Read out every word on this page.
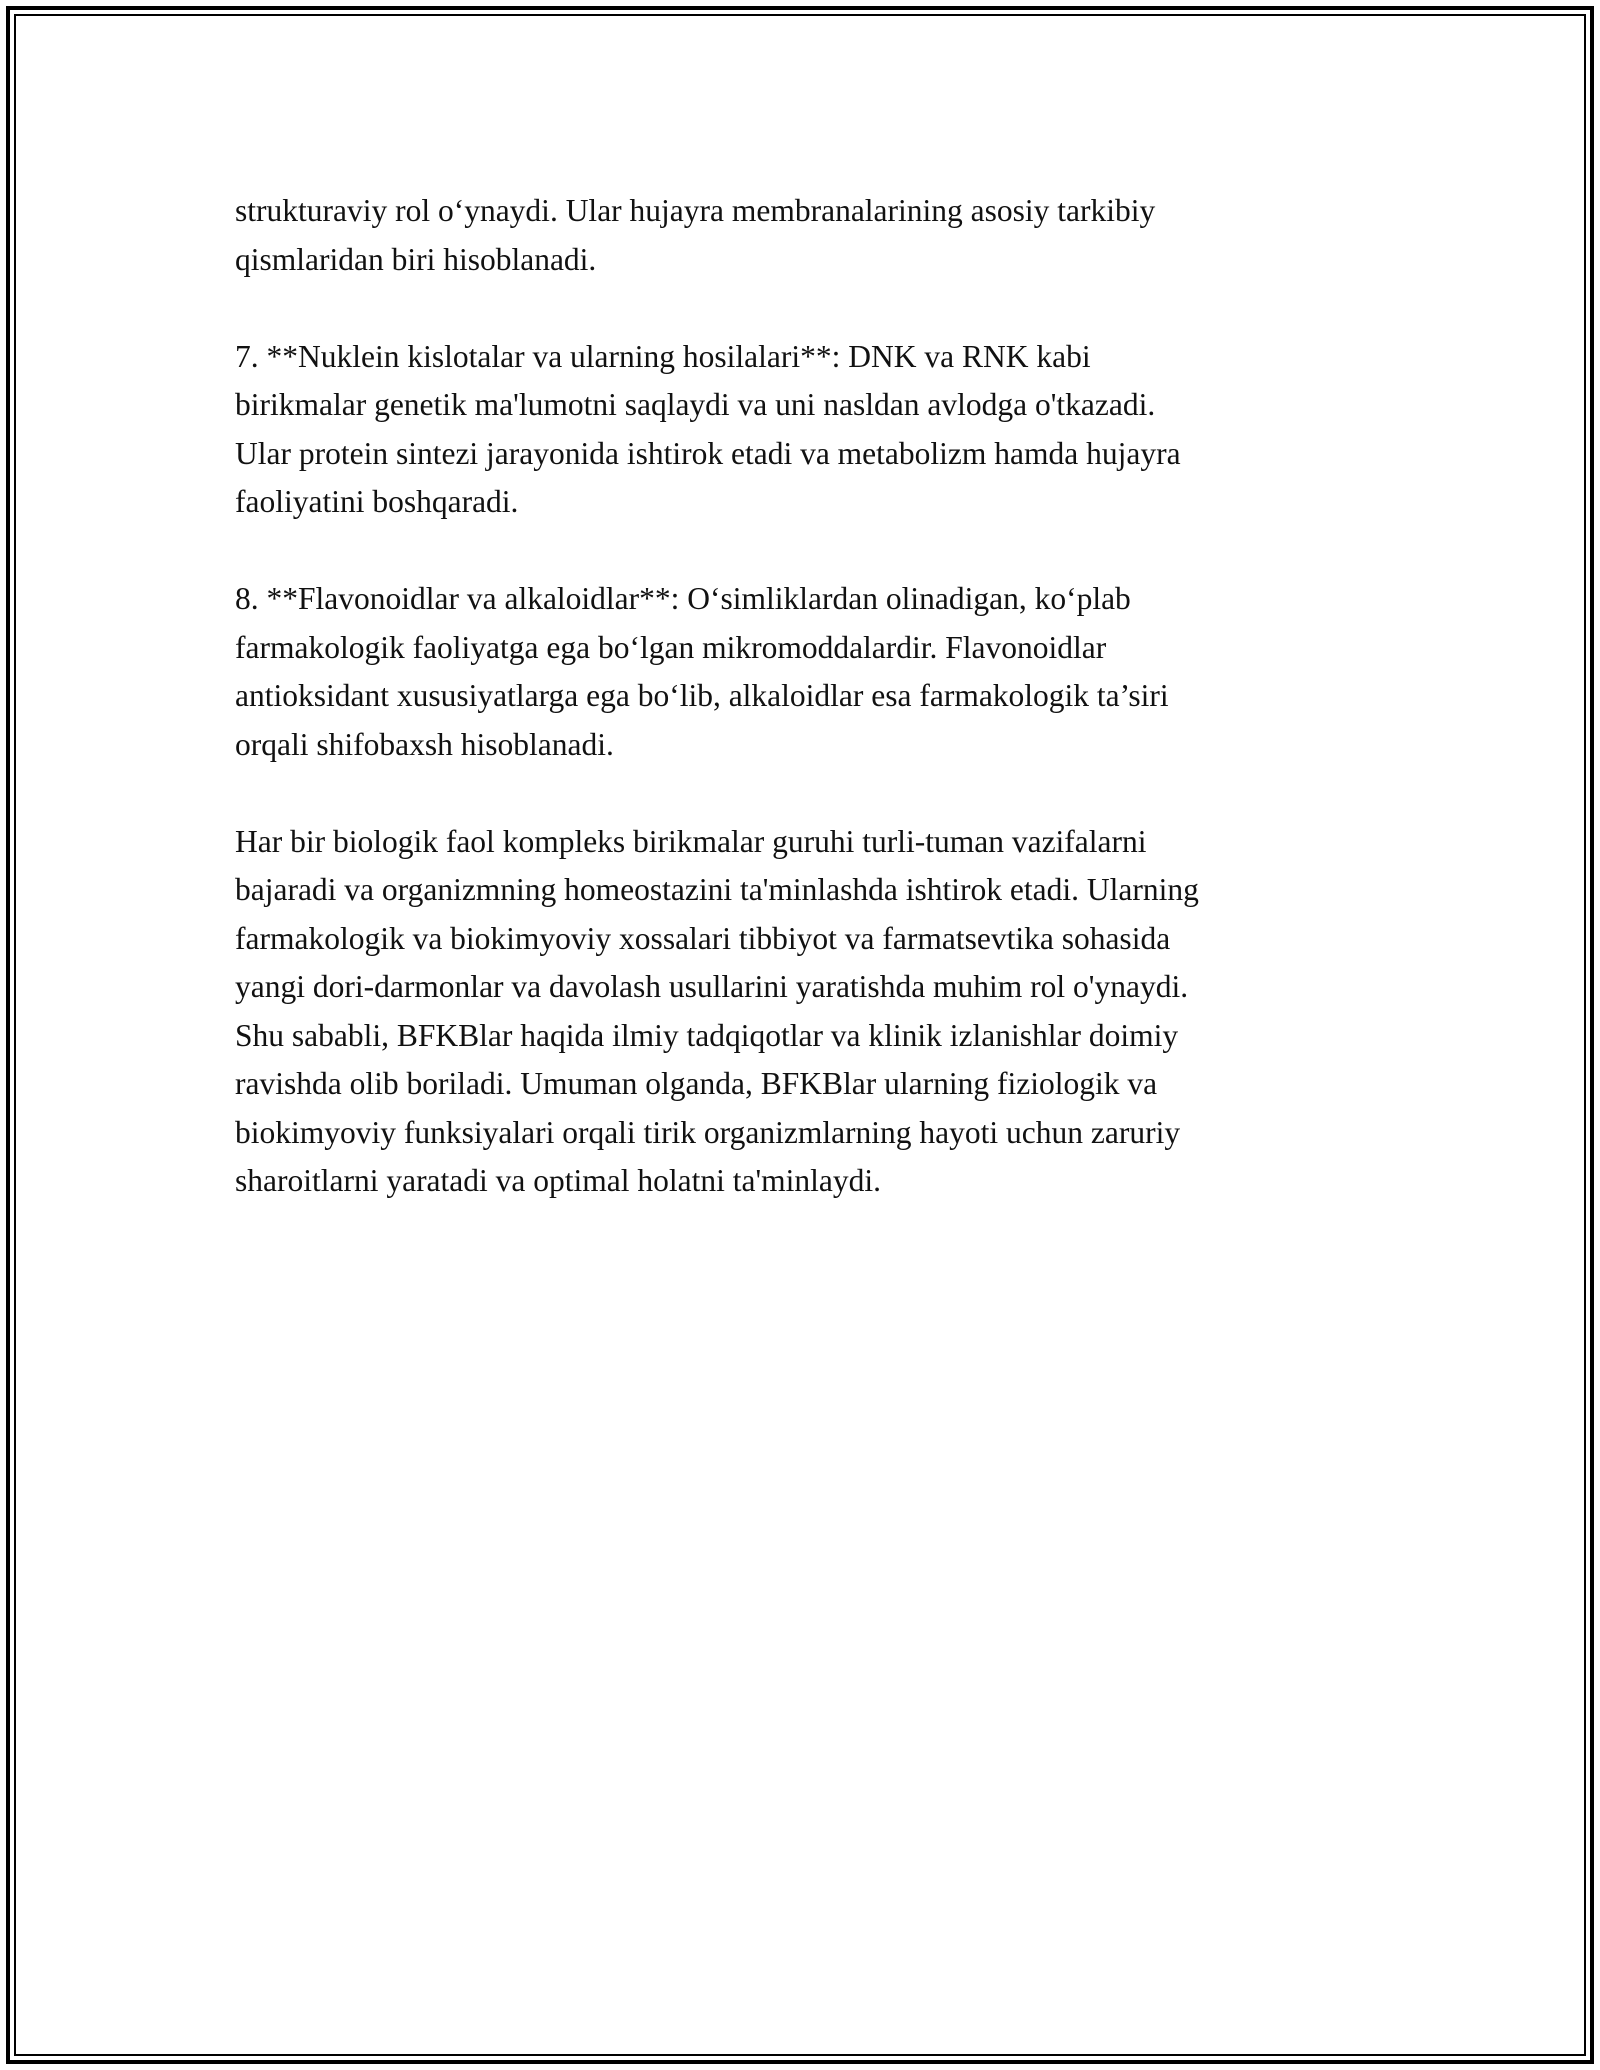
strukturaviy rol o‘ynaydi. Ular hujayra membranalarining asosiy tarkibiy
qismlaridan biri hisoblanadi.

7. **Nuklein kislotalar va ularning hosilalari**: DNK va RNK kabi
birikmalar genetik ma'lumotni saqlaydi va uni nasldan avlodga o'tkazadi.
Ular protein sintezi jarayonida ishtirok etadi va metabolizm hamda hujayra
faoliyatini boshqaradi.

8. **Flavonoidlar va alkaloidlar**: O‘simliklardan olinadigan, ko‘plab
farmakologik faoliyatga ega bo‘lgan mikromoddalardir. Flavonoidlar
antioksidant xususiyatlarga ega bo‘lib, alkaloidlar esa farmakologik ta’siri
orqali shifobaxsh hisoblanadi.

Har bir biologik faol kompleks birikmalar guruhi turli-tuman vazifalarni
bajaradi va organizmning homeostazini ta'minlashda ishtirok etadi. Ularning
farmakologik va biokimyoviy xossalari tibbiyot va farmatsevtika sohasida
yangi dori-darmonlar va davolash usullarini yaratishda muhim rol o'ynaydi.
Shu sababli, BFKBlar haqida ilmiy tadqiqotlar va klinik izlanishlar doimiy
ravishda olib boriladi. Umuman olganda, BFKBlar ularning fiziologik va
biokimyoviy funksiyalari orqali tirik organizmlarning hayoti uchun zaruriy
sharoitlarni yaratadi va optimal holatni ta'minlaydi.
